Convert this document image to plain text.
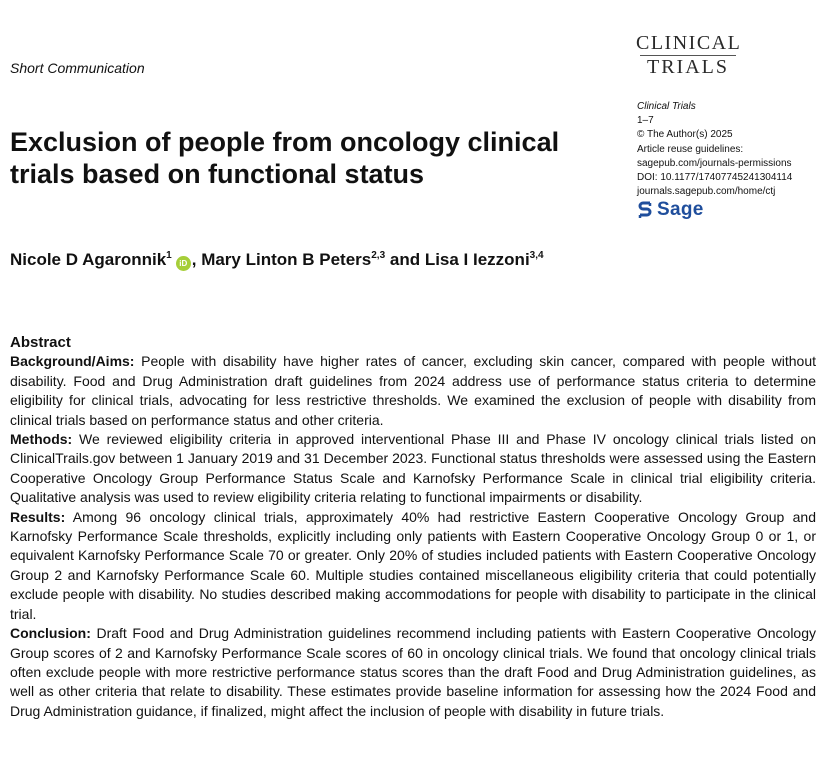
CLINICAL
TRIALS
Short Communication
Clinical Trials
1–7
© The Author(s) 2025
Article reuse guidelines:
sagepub.com/journals-permissions
DOI: 10.1177/17407745241304114
journals.sagepub.com/home/ctj
Sage
Exclusion of people from oncology clinical trials based on functional status
Nicole D Agaronnik$^1$iD , Mary Linton B Peters$^{2,3}$ and Lisa I Iezzoni$^{3,4}$
Abstract

Background/Aims: People with disability have higher rates of cancer, excluding skin cancer, compared with people without disability. Food and Drug Administration draft guidelines from 2024 address use of performance status criteria to determine eligibility for clinical trials, advocating for less restrictive thresholds. We examined the exclusion of people with disability from clinical trials based on performance status and other criteria.

Methods: We reviewed eligibility criteria in approved interventional Phase III and Phase IV oncology clinical trials listed on ClinicalTrails.gov between 1 January 2019 and 31 December 2023. Functional status thresholds were assessed using the Eastern Cooperative Oncology Group Performance Status Scale and Karnofsky Performance Scale in clinical trial eligibility criteria. Qualitative analysis was used to review eligibility criteria relating to functional impairments or disability.

Results: Among 96 oncology clinical trials, approximately 40% had restrictive Eastern Cooperative Oncology Group and Karnofsky Performance Scale thresholds, explicitly including only patients with Eastern Cooperative Oncology Group 0 or 1, or equivalent Karnofsky Performance Scale 70 or greater. Only 20% of studies included patients with Eastern Cooperative Oncology Group 2 and Karnofsky Performance Scale 60. Multiple studies contained miscellaneous eligibility criteria that could potentially exclude people with disability. No studies described making accommodations for people with disability to participate in the clinical trial.

Conclusion: Draft Food and Drug Administration guidelines recommend including patients with Eastern Cooperative Oncology Group scores of 2 and Karnofsky Performance Scale scores of 60 in oncology clinical trials. We found that oncology clinical trials often exclude people with more restrictive performance status scores than the draft Food and Drug Administration guidelines, as well as other criteria that relate to disability. These estimates provide baseline information for assessing how the 2024 Food and Drug Administration guidance, if finalized, might affect the inclusion of people with disability in future trials.
